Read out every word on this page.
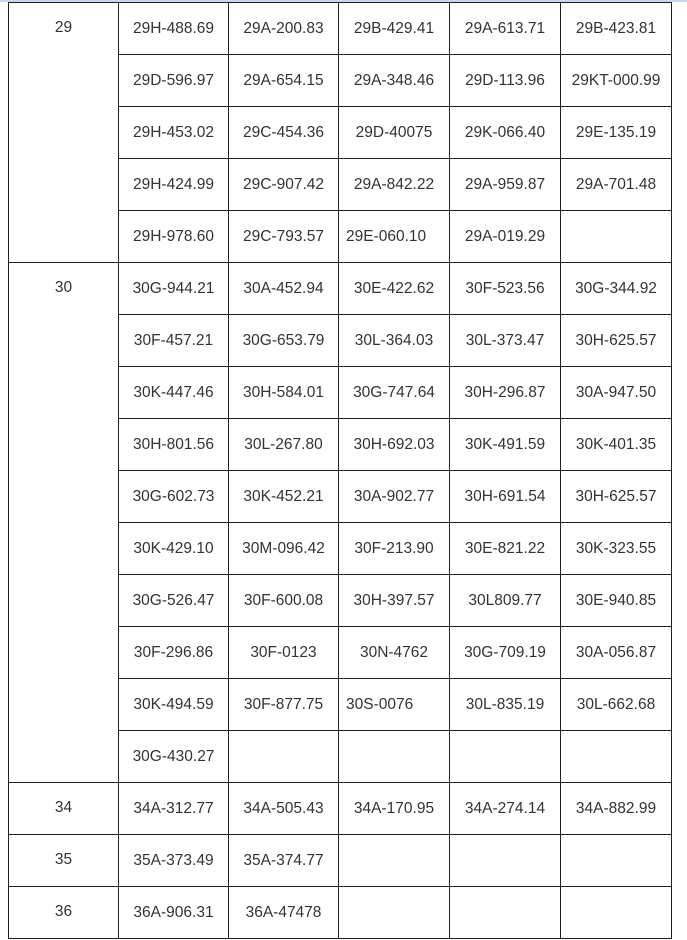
29	29H-488.69	29A-200.83	29B-429.41	29A-613.71	29B-423.81
	29D-596.97	29A-654.15	29A-348.46	29D-113.96	29KT-000.99
	29H-453.02	29C-454.36	29D-40075	29K-066.40	29E-135.19
	29H-424.99	29C-907.42	29A-842.22	29A-959.87	29A-701.48
	29H-978.60	29C-793.57	29E-060.10	29A-019.29	
30	30G-944.21	30A-452.94	30E-422.62	30F-523.56	30G-344.92
	30F-457.21	30G-653.79	30L-364.03	30L-373.47	30H-625.57
	30K-447.46	30H-584.01	30G-747.64	30H-296.87	30A-947.50
	30H-801.56	30L-267.80	30H-692.03	30K-491.59	30K-401.35
	30G-602.73	30K-452.21	30A-902.77	30H-691.54	30H-625.57
	30K-429.10	30M-096.42	30F-213.90	30E-821.22	30K-323.55
	30G-526.47	30F-600.08	30H-397.57	30L809.77	30E-940.85
	30F-296.86	30F-0123	30N-4762	30G-709.19	30A-056.87
	30K-494.59	30F-877.75	30S-0076	30L-835.19	30L-662.68
	30G-430.27				
34	34A-312.77	34A-505.43	34A-170.95	34A-274.14	34A-882.99
35	35A-373.49	35A-374.77			
36	36A-906.31	36A-47478			
